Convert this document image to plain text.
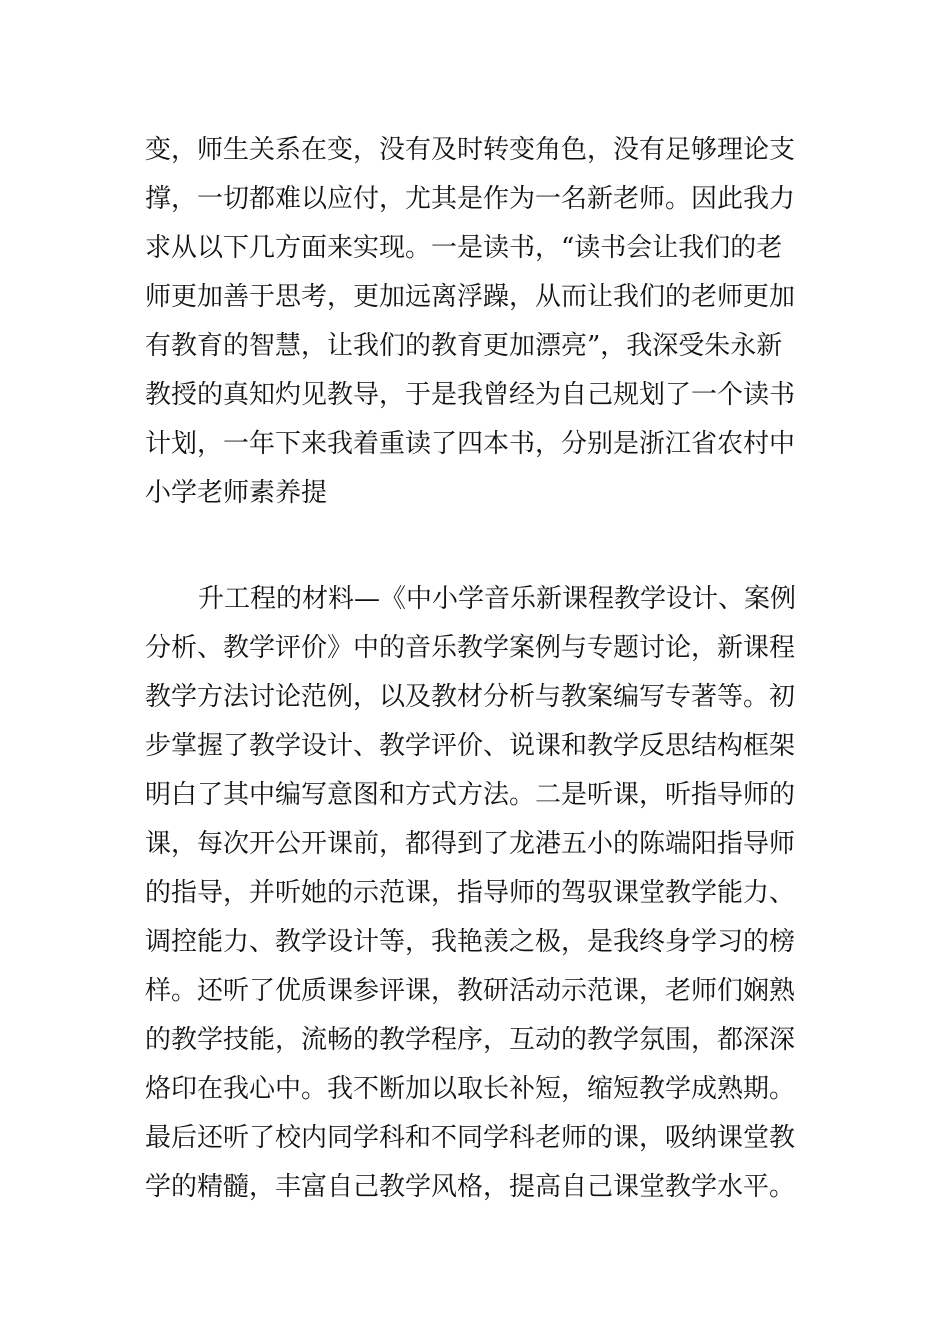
变，师生关系在变，没有及时转变角色，没有足够理论支
撑，一切都难以应付，尤其是作为一名新老师。因此我力
求从以下几方面来实现。一是读书，“读书会让我们的老
师更加善于思考，更加远离浮躁，从而让我们的老师更加
有教育的智慧，让我们的教育更加漂亮”，我深受朱永新
教授的真知灼见教导，于是我曾经为自己规划了一个读书
计划，一年下来我着重读了四本书，分别是浙江省农村中
小学老师素养提
升工程的材料—《中小学音乐新课程教学设计、案例
分析、教学评价》中的音乐教学案例与专题讨论，新课程
教学方法讨论范例，以及教材分析与教案编写专著等。初
步掌握了教学设计、教学评价、说课和教学反思结构框架
明白了其中编写意图和方式方法。二是听课，听指导师的
课，每次开公开课前，都得到了龙港五小的陈端阳指导师
的指导，并听她的示范课，指导师的驾驭课堂教学能力、
调控能力、教学设计等，我艳羡之极，是我终身学习的榜
样。还听了优质课参评课，教研活动示范课，老师们娴熟
的教学技能，流畅的教学程序，互动的教学氛围，都深深
烙印在我心中。我不断加以取长补短，缩短教学成熟期。
最后还听了校内同学科和不同学科老师的课，吸纳课堂教
学的精髓，丰富自己教学风格，提高自己课堂教学水平。
